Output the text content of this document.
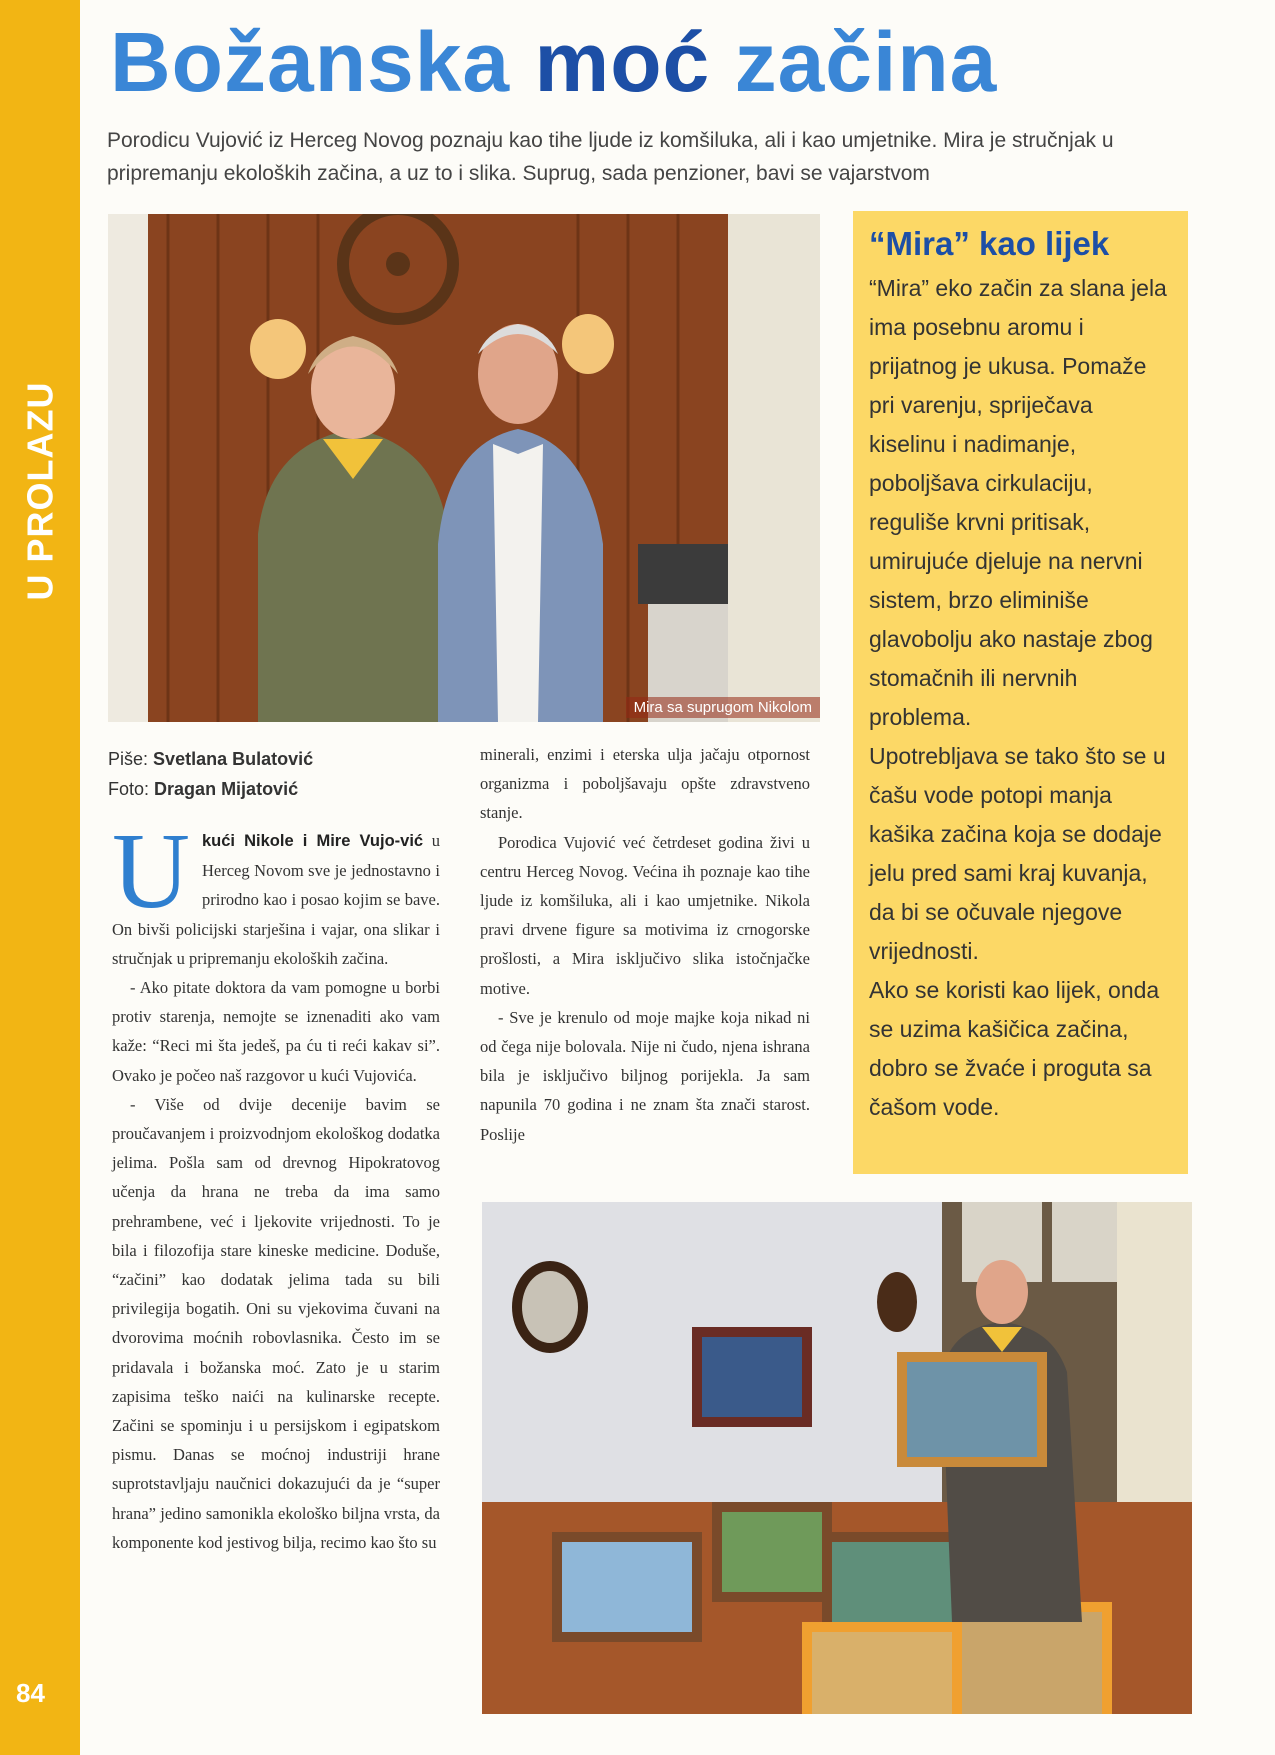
U PROLAZU
84
Božanska moć začina
Porodicu Vujović iz Herceg Novog poznaju kao tihe ljude iz komšiluka, ali i kao umjetnike. Mira je stručnjak u pripremanju ekoloških začina, a uz to i slika. Suprug, sada penzioner, bavi se vajarstvom
Mira sa suprugom Nikolom
“Mira” kao lijek

“Mira” eko začin za slana jela ima posebnu aromu i prijatnog je ukusa. Pomaže pri varenju, spriječava kiselinu i nadimanje, poboljšava cirkulaciju, reguliše krvni pritisak, umirujuće djeluje na nervni sistem, brzo eliminiše glavobolju ako nastaje zbog stomačnih ili nervnih problema.

Upotrebljava se tako što se u čašu vode potopi manja kašika začina koja se dodaje jelu pred sami kraj kuvanja, da bi se očuvale njegove vrijednosti.

Ako se koristi kao lijek, onda se uzima kašičica začina, dobro se žvaće i proguta sa čašom vode.

Piše: Svetlana Bulatović
Foto: Dragan Mijatović

Ukući Nikole i Mire Vujo-vić u Herceg Novom sve je jednostavno i prirodno kao i posao kojim se bave. On bivši policijski starješina i vajar, ona slikar i stručnjak u pripremanju ekoloških začina.

- Ako pitate doktora da vam pomogne u borbi protiv starenja, nemojte se iznenaditi ako vam kaže: “Reci mi šta jedeš, pa ću ti reći kakav si”. Ovako je počeo naš razgovor u kući Vujovića.

- Više od dvije decenije bavim se proučavanjem i proizvodnjom ekološkog dodatka jelima. Pošla sam od drevnog Hipokratovog učenja da hrana ne treba da ima samo prehrambene, već i ljekovite vrijednosti. To je bila i filozofija stare kineske medicine. Doduše, “začini” kao dodatak jelima tada su bili privilegija bogatih. Oni su vjekovima čuvani na dvorovima moćnih robovlasnika. Često im se pridavala i božanska moć. Zato je u starim zapisima teško naići na kulinarske recepte. Začini se spominju i u persijskom i egipatskom pismu. Danas se moćnoj industriji hrane suprotstavljaju naučnici dokazujući da je “super hrana” jedino samonikla ekološko biljna vrsta, da komponente kod jestivog bilja, recimo kao što su

minerali, enzimi i eterska ulja jačaju otpornost organizma i poboljšavaju opšte zdravstveno stanje.

Porodica Vujović već četrdeset godina živi u centru Herceg Novog. Većina ih poznaje kao tihe ljude iz komšiluka, ali i kao umjetnike. Nikola pravi drvene figure sa motivima iz crnogorske prošlosti, a Mira isključivo slika istočnjačke motive.

- Sve je krenulo od moje majke koja nikad ni od čega nije bolovala. Nije ni čudo, njena ishrana bila je isključivo biljnog porijekla. Ja sam napunila 70 godina i ne znam šta znači starost. Poslije
